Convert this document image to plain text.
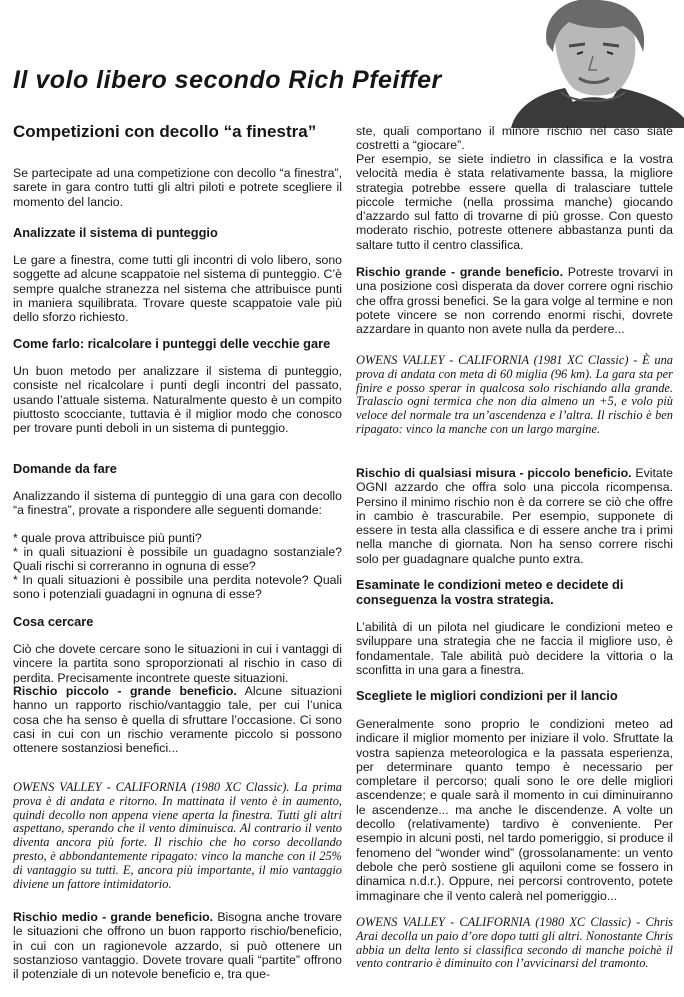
Il volo libero secondo Rich Pfeiffer
Competizioni con decollo “a finestra”

Se partecipate ad una competizione con decollo “a finestra”, sarete in gara contro tutti gli altri piloti e potrete scegliere il momento del lancio.

Analizzate il sistema di punteggio

Le gare a finestra, come tutti gli incontri di volo libero, sono soggette ad alcune scappatoie nel sistema di punteggio. C’è sempre qualche stranezza nel sistema che attribuisce punti in maniera squilibrata. Trovare queste scappatoie vale più dello sforzo richiesto.

Come farlo: ricalcolare i punteggi delle vecchie gare

Un buon metodo per analizzare il sistema di punteggio, consiste nel ricalcolare i punti degli incontri del passato, usando l’attuale sistema. Naturalmente questo è un compito piuttosto scocciante, tuttavia è il miglior modo che conosco per trovare punti deboli in un sistema di punteggio.

Domande da fare

Analizzando il sistema di punteggio di una gara con decollo “a finestra”, provate a rispondere alle seguenti domande:

* quale prova attribuisce più punti?

* in quali situazioni è possibile un guadagno sostanziale? Quali rischi si correranno in ognuna di esse?

* In quali situazioni è possibile una perdita notevole? Quali sono i potenziali guadagni in ognuna di esse?

Cosa cercare

Ciò che dovete cercare sono le situazioni in cui i vantaggi di vincere la partita sono sproporzionati al rischio in caso di perdita. Precisamente incontrete queste situazioni.

Rischio piccolo - grande beneficio. Alcune situazioni hanno un rapporto rischio/vantaggio tale, per cui l’unica cosa che ha senso è quella di sfruttare l’occasione. Ci sono casi in cui con un rischio veramente piccolo si possono ottenere sostanziosi benefici...

OWENS VALLEY - CALIFORNIA (1980 XC Classic). La prima prova è di andata e ritorno. In mattinata il vento è in aumento, quindi decollo non appena viene aperta la finestra. Tutti gli altri aspettano, sperando che il vento diminuisca. Al contrario il vento diventa ancora più forte. Il rischio che ho corso decollando presto, è abbondantemente ripagato: vinco la manche con il 25% di vantaggio su tutti. E, ancora più importante, il mio vantaggio diviene un fattore intimidatorio.

Rischio medio - grande beneficio. Bisogna anche trovare le situazioni che offrono un buon rapporto rischio/beneficio, in cui con un ragionevole azzardo, si può ottenere un sostanzioso vantaggio. Dovete trovare quali “partite” offrono il potenziale di un notevole beneficio e, tra que-

ste, quali comportano il minore rischio nel caso siate costretti a “giocare”.

Per esempio, se siete indietro in classifica e la vostra velocità media è stata relativamente bassa, la migliore strategia potrebbe essere quella di tralasciare tuttele piccole termiche (nella prossima manche) giocando d’azzardo sul fatto di trovarne di più grosse. Con questo moderato rischio, potreste ottenere abbastanza punti da saltare tutto il centro classifica.

Rischio grande - grande beneficio. Potreste trovarvi in una posizione così disperata da dover correre ogni rischio che offra grossi benefici. Se la gara volge al termine e non potete vincere se non correndo enormi rischi, dovrete azzardare in quanto non avete nulla da perdere...

OWENS VALLEY - CALIFORNIA (1981 XC Classic) - È una prova di andata con meta di 60 miglia (96 km). La gara sta per finire e posso sperar in qualcosa solo rischiando alla grande. Tralascio ogni termica che non dia almeno un +5, e volo più veloce del normale tra un’ascendenza e l’altra. Il rischio è ben ripagato: vinco la manche con un largo margine.

Rischio di qualsiasi misura - piccolo beneficio. Evitate OGNI azzardo che offra solo una piccola ricompensa. Persino il minimo rischio non è da correre se ciò che offre in cambio è trascurabile. Per esempio, supponete di essere in testa alla classifica e di essere anche tra i primi nella manche di giornata. Non ha senso correre rischi solo per guadagnare qualche punto extra.

Esaminate le condizioni meteo e decidete di conseguenza la vostra strategia.

L’abilità di un pilota nel giudicare le condizioni meteo e sviluppare una strategia che ne faccia il migliore uso, è fondamentale. Tale abilità può decidere la vittoria o la sconfitta in una gara a finestra.

Scegliete le migliori condizioni per il lancio

Generalmente sono proprio le condizioni meteo ad indicare il miglior momento per iniziare il volo. Sfruttate la vostra sapienza meteorologica e la passata esperienza, per determinare quanto tempo è necessario per completare il percorso; quali sono le ore delle migliori ascendenze; e quale sarà il momento in cui diminuiranno le ascendenze... ma anche le discendenze. A volte un decollo (relativamente) tardivo è conveniente. Per esempio in alcuni posti, nel tardo pomeriggio, si produce il fenomeno del “wonder wind” (grossolanamente: un vento debole che però sostiene gli aquiloni come se fossero in dinamica n.d.r.). Oppure, nei percorsi controvento, potete immaginare che il vento calerà nel pomeriggio...

OWENS VALLEY - CALIFORNIA (1980 XC Classic) - Chris Arai decolla un paio d’ore dopo tutti gli altri. Nonostante Chris abbia un delta lento si classifica secondo di manche poichè il vento contrario è diminuito con l’avvicinarsi del tramonto.
